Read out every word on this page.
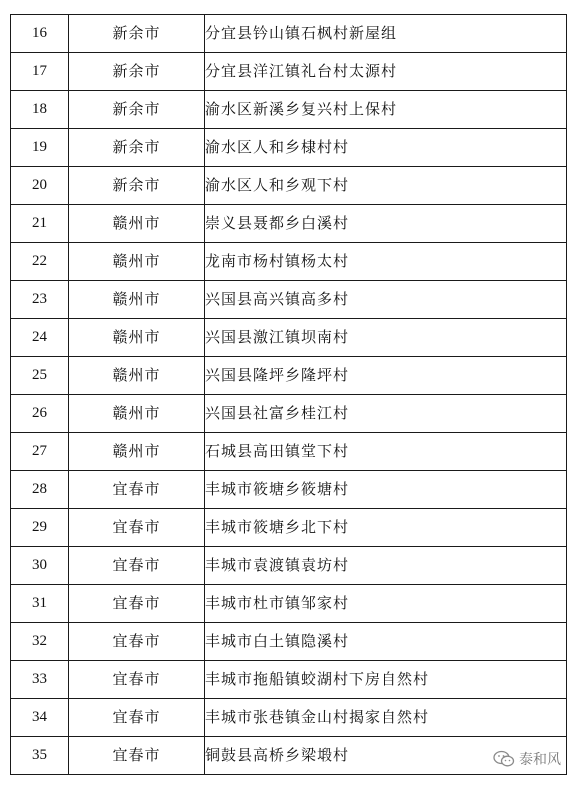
16	新余市	分宜县钤山镇石枫村新屋组
17	新余市	分宜县洋江镇礼台村太源村
18	新余市	渝水区新溪乡复兴村上保村
19	新余市	渝水区人和乡棣村村
20	新余市	渝水区人和乡观下村
21	赣州市	崇义县聂都乡白溪村
22	赣州市	龙南市杨村镇杨太村
23	赣州市	兴国县高兴镇高多村
24	赣州市	兴国县激江镇坝南村
25	赣州市	兴国县隆坪乡隆坪村
26	赣州市	兴国县社富乡桂江村
27	赣州市	石城县高田镇堂下村
28	宜春市	丰城市筱塘乡筱塘村
29	宜春市	丰城市筱塘乡北下村
30	宜春市	丰城市袁渡镇袁坊村
31	宜春市	丰城市杜市镇邹家村
32	宜春市	丰城市白土镇隐溪村
33	宜春市	丰城市拖船镇蛟湖村下房自然村
34	宜春市	丰城市张巷镇金山村揭家自然村
35	宜春市	铜鼓县高桥乡梁塅村	泰和风
